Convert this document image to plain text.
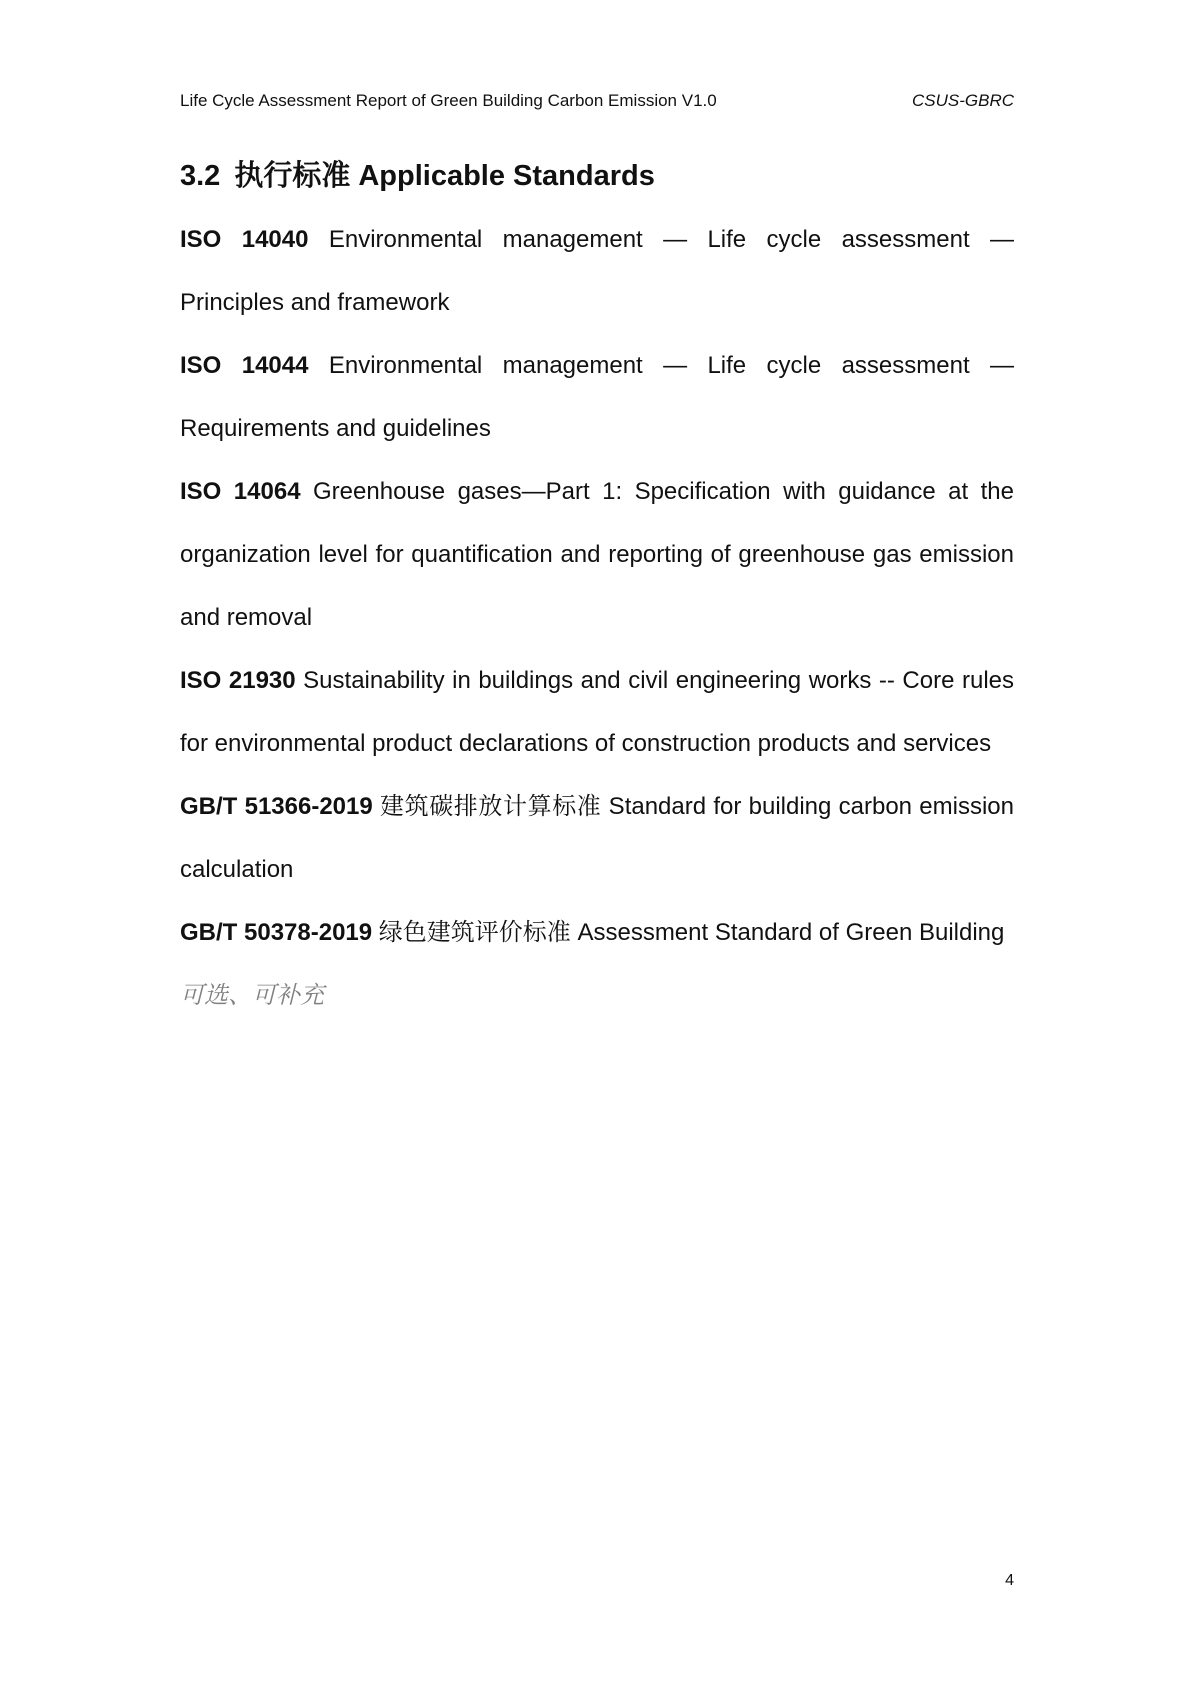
Life Cycle Assessment Report of Green Building Carbon Emission V1.0	CSUS-GBRC
3.2 执行标准 Applicable Standards

ISO 14040 Environmental management — Life cycle assessment — Principles and framework

ISO 14044 Environmental management — Life cycle assessment — Requirements and guidelines

ISO 14064 Greenhouse gases—Part 1: Specification with guidance at the organization level for quantification and reporting of greenhouse gas emission and removal

ISO 21930 Sustainability in buildings and civil engineering works -- Core rules for environmental product declarations of construction products and services

GB/T 51366-2019 建筑碳排放计算标准 Standard for building carbon emission calculation

GB/T 50378-2019 绿色建筑评价标准 Assessment Standard of Green Building

可选、可补充

4
